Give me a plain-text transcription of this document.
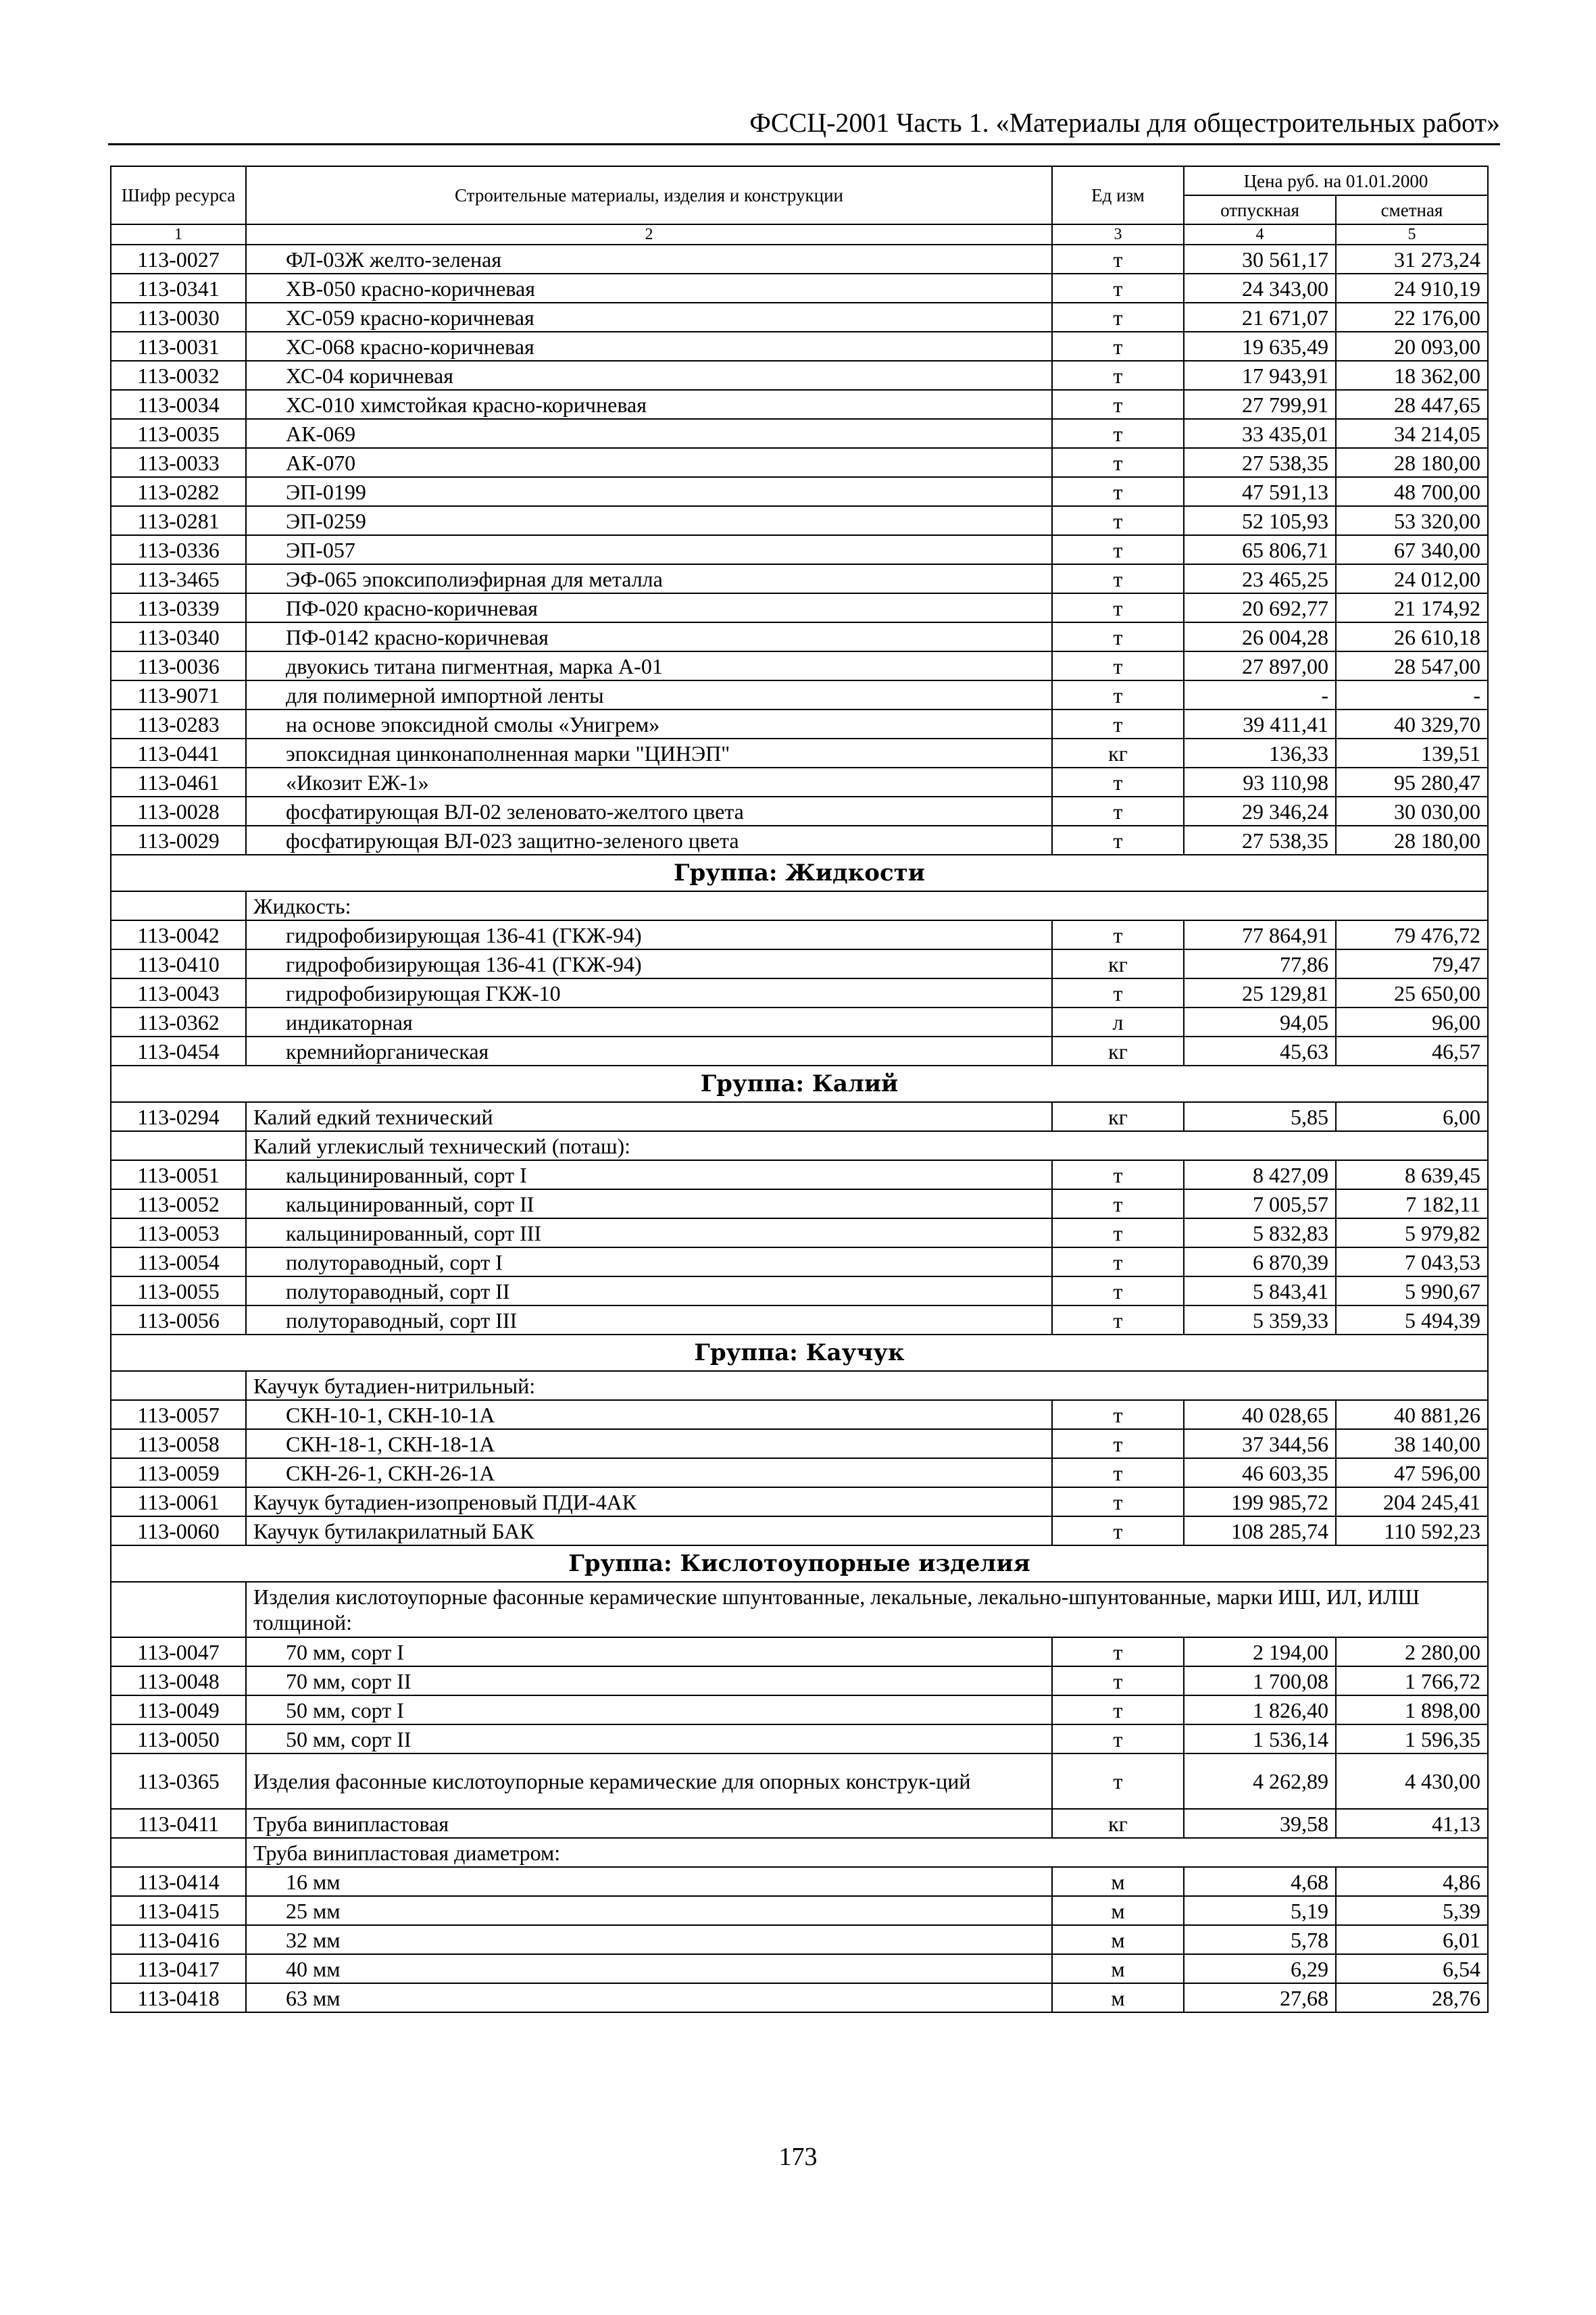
ФССЦ-2001 Часть 1. «Материалы для общестроительных работ»
Шифр ресурса	Строительные материалы, изделия и конструкции	Ед изм	Цена руб. на 01.01.2000	
			отпускная	сметная
1	2	3	4	5
113-0027	ФЛ-03Ж желто-зеленая	т	30 561,17	31 273,24
113-0341	ХВ-050 красно-коричневая	т	24 343,00	24 910,19
113-0030	ХС-059 красно-коричневая	т	21 671,07	22 176,00
113-0031	ХС-068 красно-коричневая	т	19 635,49	20 093,00
113-0032	ХС-04 коричневая	т	17 943,91	18 362,00
113-0034	ХС-010 химстойкая красно-коричневая	т	27 799,91	28 447,65
113-0035	АК-069	т	33 435,01	34 214,05
113-0033	АК-070	т	27 538,35	28 180,00
113-0282	ЭП-0199	т	47 591,13	48 700,00
113-0281	ЭП-0259	т	52 105,93	53 320,00
113-0336	ЭП-057	т	65 806,71	67 340,00
113-3465	ЭФ-065 эпоксиполиэфирная для металла	т	23 465,25	24 012,00
113-0339	ПФ-020 красно-коричневая	т	20 692,77	21 174,92
113-0340	ПФ-0142 красно-коричневая	т	26 004,28	26 610,18
113-0036	двуокись титана пигментная, марка А-01	т	27 897,00	28 547,00
113-9071	для полимерной импортной ленты	т	-	-
113-0283	на основе эпоксидной смолы «Унигрем»	т	39 411,41	40 329,70
113-0441	эпоксидная цинконаполненная марки "ЦИНЭП"	кг	136,33	139,51
113-0461	«Икозит ЕЖ-1»	т	93 110,98	95 280,47
113-0028	фосфатирующая ВЛ-02 зеленовато-желтого цвета	т	29 346,24	30 030,00
113-0029	фосфатирующая ВЛ-023 защитно-зеленого цвета	т	27 538,35	28 180,00
Группа: Жидкости				
	Жидкость:			
113-0042	гидрофобизирующая 136-41 (ГКЖ-94)	т	77 864,91	79 476,72
113-0410	гидрофобизирующая 136-41 (ГКЖ-94)	кг	77,86	79,47
113-0043	гидрофобизирующая ГКЖ-10	т	25 129,81	25 650,00
113-0362	индикаторная	л	94,05	96,00
113-0454	кремнийорганическая	кг	45,63	46,57
Группа: Калий				
113-0294	Калий едкий технический	кг	5,85	6,00
	Калий углекислый технический (поташ):			
113-0051	кальцинированный, сорт I	т	8 427,09	8 639,45
113-0052	кальцинированный, сорт II	т	7 005,57	7 182,11
113-0053	кальцинированный, сорт III	т	5 832,83	5 979,82
113-0054	полутораводный, сорт I	т	6 870,39	7 043,53
113-0055	полутораводный, сорт II	т	5 843,41	5 990,67
113-0056	полутораводный, сорт III	т	5 359,33	5 494,39
Группа: Каучук				
	Каучук бутадиен-нитрильный:			
113-0057	СКН-10-1, СКН-10-1А	т	40 028,65	40 881,26
113-0058	СКН-18-1, СКН-18-1А	т	37 344,56	38 140,00
113-0059	СКН-26-1, СКН-26-1А	т	46 603,35	47 596,00
113-0061	Каучук бутадиен-изопреновый ПДИ-4АК	т	199 985,72	204 245,41
113-0060	Каучук бутилакрилатный БАК	т	108 285,74	110 592,23
Группа: Кислотоупорные изделия				
	Изделия кислотоупорные фасонные керамические шпунтованные, лекальные, лекально-шпунтованные, марки ИШ, ИЛ, ИЛШ толщиной:			
113-0047	70 мм, сорт I	т	2 194,00	2 280,00
113-0048	70 мм, сорт II	т	1 700,08	1 766,72
113-0049	50 мм, сорт I	т	1 826,40	1 898,00
113-0050	50 мм, сорт II	т	1 536,14	1 596,35
113-0365	Изделия фасонные кислотоупорные керамические для опорных конструк-ций	т	4 262,89	4 430,00
113-0411	Труба винипластовая	кг	39,58	41,13
	Труба винипластовая диаметром:			
113-0414	16 мм	м	4,68	4,86
113-0415	25 мм	м	5,19	5,39
113-0416	32 мм	м	5,78	6,01
113-0417	40 мм	м	6,29	6,54
113-0418	63 мм	м	27,68	28,76
173
